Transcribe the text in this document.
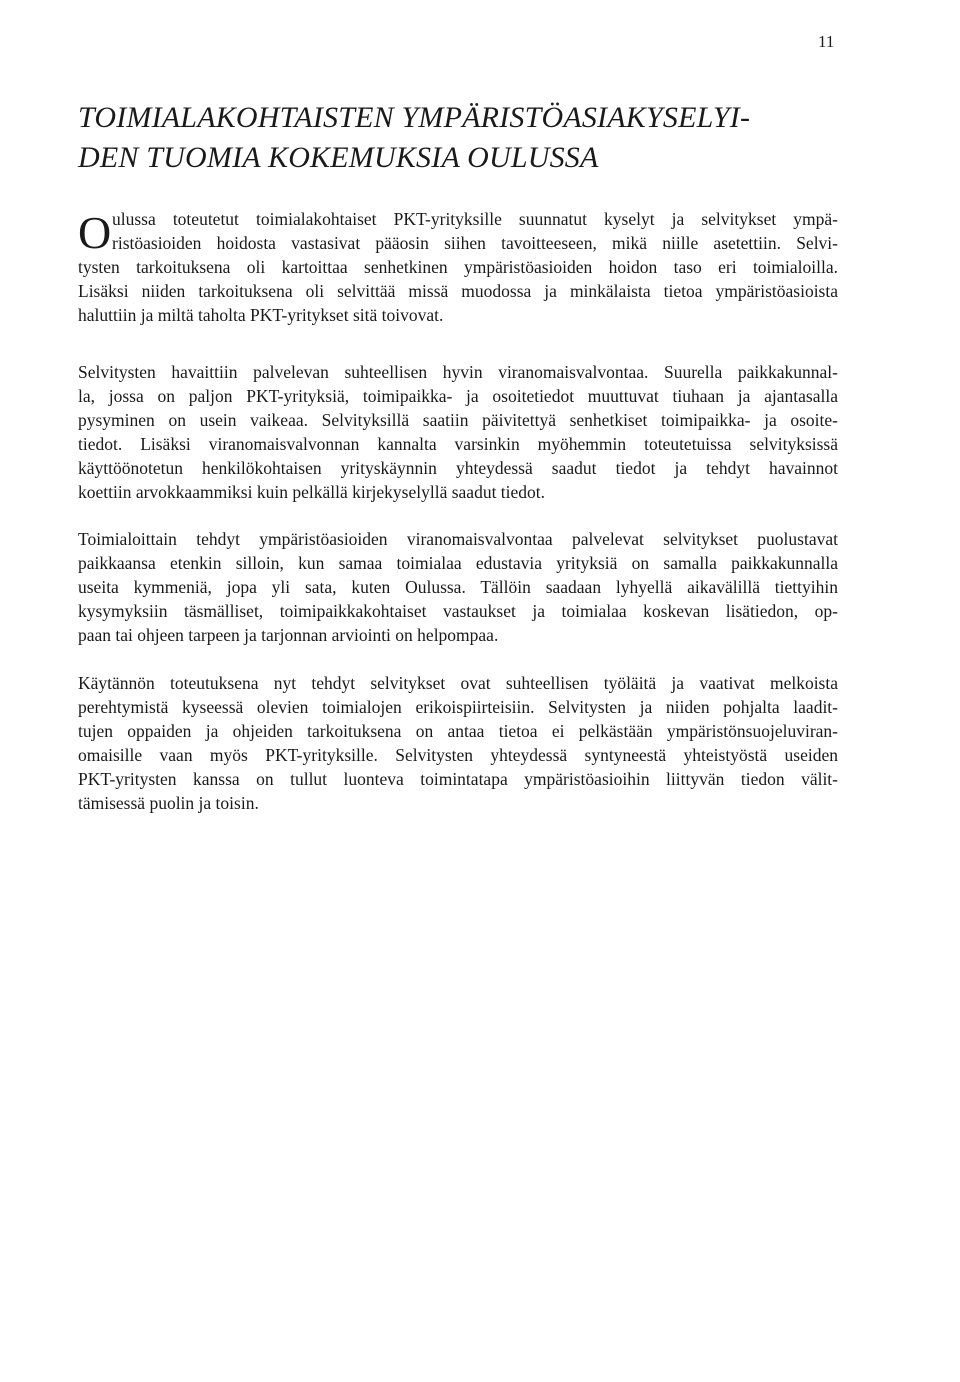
11
TOIMIALAKOHTAISTEN YMPÄRISTÖASIAKYSELYI-
DEN TUOMIA KOKEMUKSIA OULUSSA
O ulussa toteutetut toimialakohtaiset PKT-yrityksille suunnatut kyselyt ja selvitykset ympä-
ristöasioiden hoidosta vastasivat pääosin siihen tavoitteeseen, mikä niille asetettiin. Selvi-
tysten tarkoituksena oli kartoittaa senhetkinen ympäristöasioiden hoidon taso eri toimialoilla.
Lisäksi niiden tarkoituksena oli selvittää missä muodossa ja minkälaista tietoa ympäristöasioista
haluttiin ja miltä taholta PKT-yritykset sitä toivovat.
Selvitysten havaittiin palvelevan suhteellisen hyvin viranomaisvalvontaa. Suurella paikkakunnal-
la, jossa on paljon PKT-yrityksiä, toimipaikka- ja osoitetiedot muuttuvat tiuhaan ja ajantasalla
pysyminen on usein vaikeaa. Selvityksillä saatiin päivitettyä senhetkiset toimipaikka- ja osoite-
tiedot. Lisäksi viranomaisvalvonnan kannalta varsinkin myöhemmin toteutetuissa selvityksissä
käyttöönotetun henkilökohtaisen yrityskäynnin yhteydessä saadut tiedot ja tehdyt havainnot
koettiin arvokkaammiksi kuin pelkällä kirjekyselyllä saadut tiedot.
Toimialoittain tehdyt ympäristöasioiden viranomaisvalvontaa palvelevat selvitykset puolustavat
paikkaansa etenkin silloin, kun samaa toimialaa edustavia yrityksiä on samalla paikkakunnalla
useita kymmeniä, jopa yli sata, kuten Oulussa. Tällöin saadaan lyhyellä aikavälillä tiettyihin
kysymyksiin täsmälliset, toimipaikkakohtaiset vastaukset ja toimialaa koskevan lisätiedon, op-
paan tai ohjeen tarpeen ja tarjonnan arviointi on helpompaa.
Käytännön toteutuksena nyt tehdyt selvitykset ovat suhteellisen työläitä ja vaativat melkoista
perehtymistä kyseessä olevien toimialojen erikoispiirteisiin. Selvitysten ja niiden pohjalta laadit-
tujen oppaiden ja ohjeiden tarkoituksena on antaa tietoa ei pelkästään ympäristönsuojeluviran-
omaisille vaan myös PKT-yrityksille. Selvitysten yhteydessä syntyneestä yhteistyöstä useiden
PKT-yritysten kanssa on tullut luonteva toimintatapa ympäristöasioihin liittyvän tiedon välit-
tämisessä puolin ja toisin.
